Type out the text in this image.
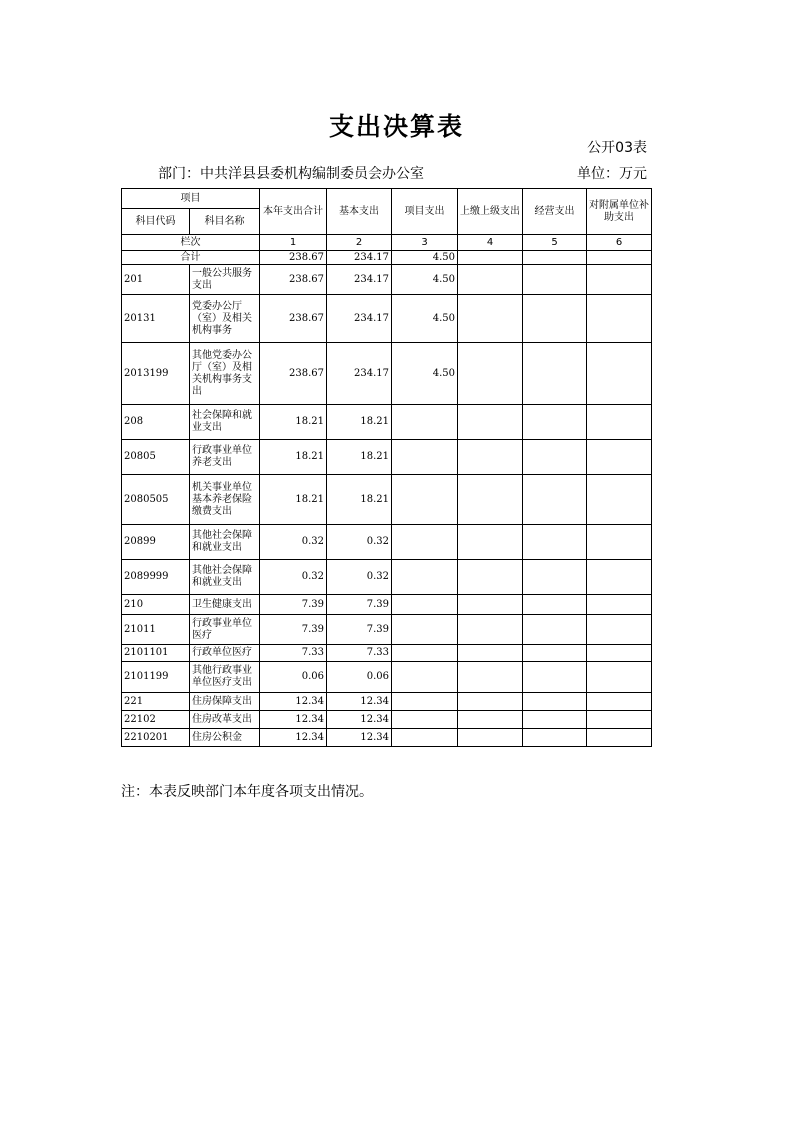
支出决算表
公开03表
部门：中共洋县县委机构编制委员会办公室	单位：万元
项目		本年支出合计	基本支出	项目支出	上缴上级支出	经营支出	对附属单位补助支出
科目代码	科目名称						
栏次		1	2	3	4	5	6
合计		238.67	234.17	4.50			
201	一般公共服务支出	238.67	234.17	4.50			
20131	党委办公厅（室）及相关机构事务	238.67	234.17	4.50			
2013199	其他党委办公厅（室）及相关机构事务支出	238.67	234.17	4.50			
208	社会保障和就业支出	18.21	18.21				
20805	行政事业单位养老支出	18.21	18.21				
2080505	机关事业单位基本养老保险缴费支出	18.21	18.21				
20899	其他社会保障和就业支出	0.32	0.32				
2089999	其他社会保障和就业支出	0.32	0.32				
210	卫生健康支出	7.39	7.39				
21011	行政事业单位医疗	7.39	7.39				
2101101	行政单位医疗	7.33	7.33				
2101199	其他行政事业单位医疗支出	0.06	0.06				
221	住房保障支出	12.34	12.34				
22102	住房改革支出	12.34	12.34				
2210201	住房公积金	12.34	12.34				
注：本表反映部门本年度各项支出情况。
